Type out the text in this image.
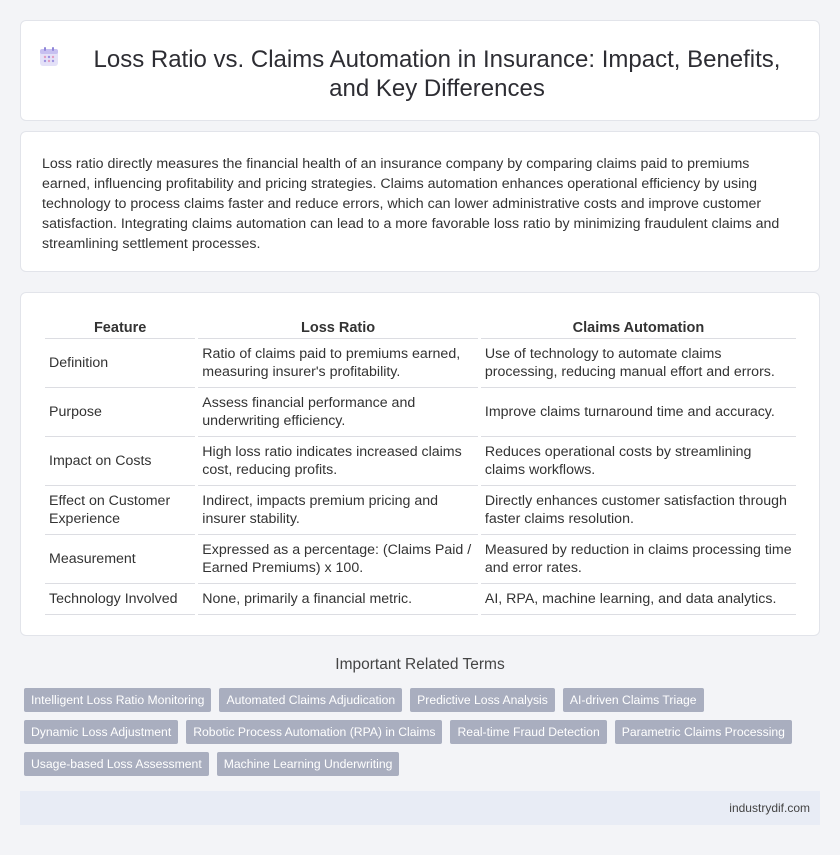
Loss Ratio vs. Claims Automation in Insurance: Impact, Benefits, and Key Differences

Loss ratio directly measures the financial health of an insurance company by comparing claims paid to premiums earned, influencing profitability and pricing strategies. Claims automation enhances operational efficiency by using technology to process claims faster and reduce errors, which can lower administrative costs and improve customer satisfaction. Integrating claims automation can lead to a more favorable loss ratio by minimizing fraudulent claims and streamlining settlement processes.

Feature	Loss Ratio	Claims Automation
Definition	Ratio of claims paid to premiums earned, measuring insurer's profitability.	Use of technology to automate claims processing, reducing manual effort and errors.
Purpose	Assess financial performance and underwriting efficiency.	Improve claims turnaround time and accuracy.
Impact on Costs	High loss ratio indicates increased claims cost, reducing profits.	Reduces operational costs by streamlining claims workflows.
Effect on Customer Experience	Indirect, impacts premium pricing and insurer stability.	Directly enhances customer satisfaction through faster claims resolution.
Measurement	Expressed as a percentage: (Claims Paid / Earned Premiums) x 100.	Measured by reduction in claims processing time and error rates.
Technology Involved	None, primarily a financial metric.	AI, RPA, machine learning, and data analytics.
Important Related Terms
Intelligent Loss Ratio Monitoring	Automated Claims Adjudication	Predictive Loss Analysis	AI-driven Claims Triage
Dynamic Loss Adjustment	Robotic Process Automation (RPA) in Claims	Real-time Fraud Detection	Parametric Claims Processing
Usage-based Loss Assessment	Machine Learning Underwriting
industrydif.com
